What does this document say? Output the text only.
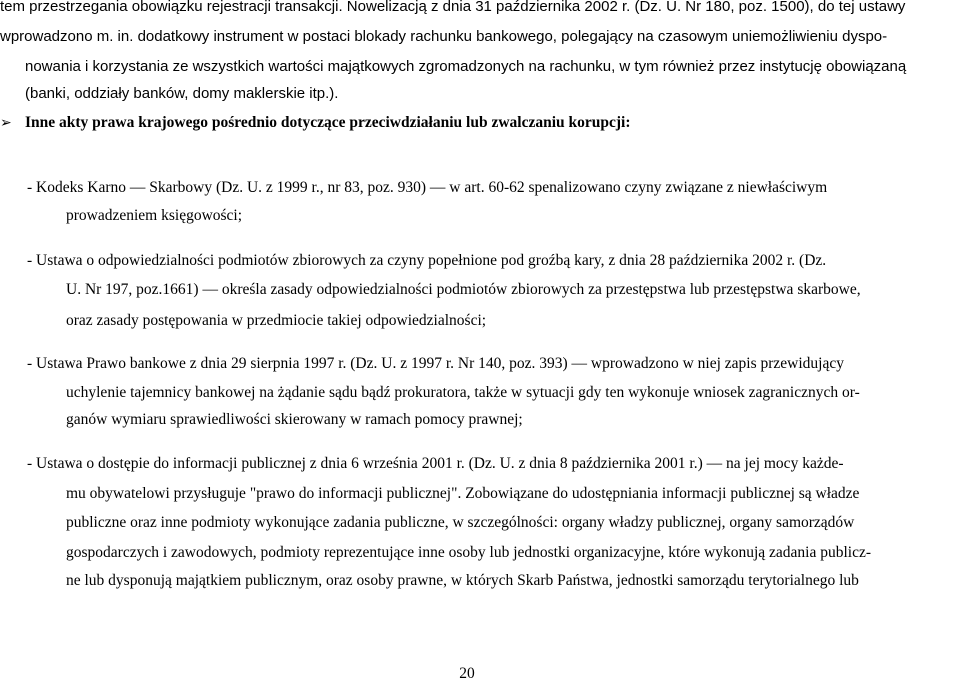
tem przestrzegania obowiązku rejestracji transakcji. Nowelizacją z dnia 31 października 2002 r. (Dz. U. Nr 180, poz. 1500), do tej ustawy
wprowadzono m. in. dodatkowy instrument w postaci blokady rachunku bankowego, polegający na czasowym uniemożliwieniu dyspo-
nowania i korzystania ze wszystkich wartości majątkowych zgromadzonych na rachunku, w tym również przez instytucję obowiązaną
(banki, oddziały banków, domy maklerskie itp.).
➢ Inne akty prawa krajowego pośrednio dotyczące przeciwdziałaniu lub zwalczaniu korupcji:
- Kodeks Karno — Skarbowy (Dz. U. z 1999 r., nr 83, poz. 930) — w art. 60-62 spenalizowano czyny związane z niewłaściwym
prowadzeniem księgowości;
- Ustawa o odpowiedzialności podmiotów zbiorowych za czyny popełnione pod groźbą kary, z dnia 28 października 2002 r. (Dz.
U. Nr 197, poz.1661) — określa zasady odpowiedzialności podmiotów zbiorowych za przestępstwa lub przestępstwa skarbowe,
oraz zasady postępowania w przedmiocie takiej odpowiedzialności;
- Ustawa Prawo bankowe z dnia 29 sierpnia 1997 r. (Dz. U. z 1997 r. Nr 140, poz. 393) — wprowadzono w niej zapis przewidujący
uchylenie tajemnicy bankowej na żądanie sądu bądź prokuratora, także w sytuacji gdy ten wykonuje wniosek zagranicznych or-
ganów wymiaru sprawiedliwości skierowany w ramach pomocy prawnej;
- Ustawa o dostępie do informacji publicznej z dnia 6 września 2001 r. (Dz. U. z dnia 8 października 2001 r.) — na jej mocy każde-
mu obywatelowi przysługuje "prawo do informacji publicznej". Zobowiązane do udostępniania informacji publicznej są władze
publiczne oraz inne podmioty wykonujące zadania publiczne, w szczególności: organy władzy publicznej, organy samorządów
gospodarczych i zawodowych, podmioty reprezentujące inne osoby lub jednostki organizacyjne, które wykonują zadania publicz-
ne lub dysponują majątkiem publicznym, oraz osoby prawne, w których Skarb Państwa, jednostki samorządu terytorialnego lub
20
